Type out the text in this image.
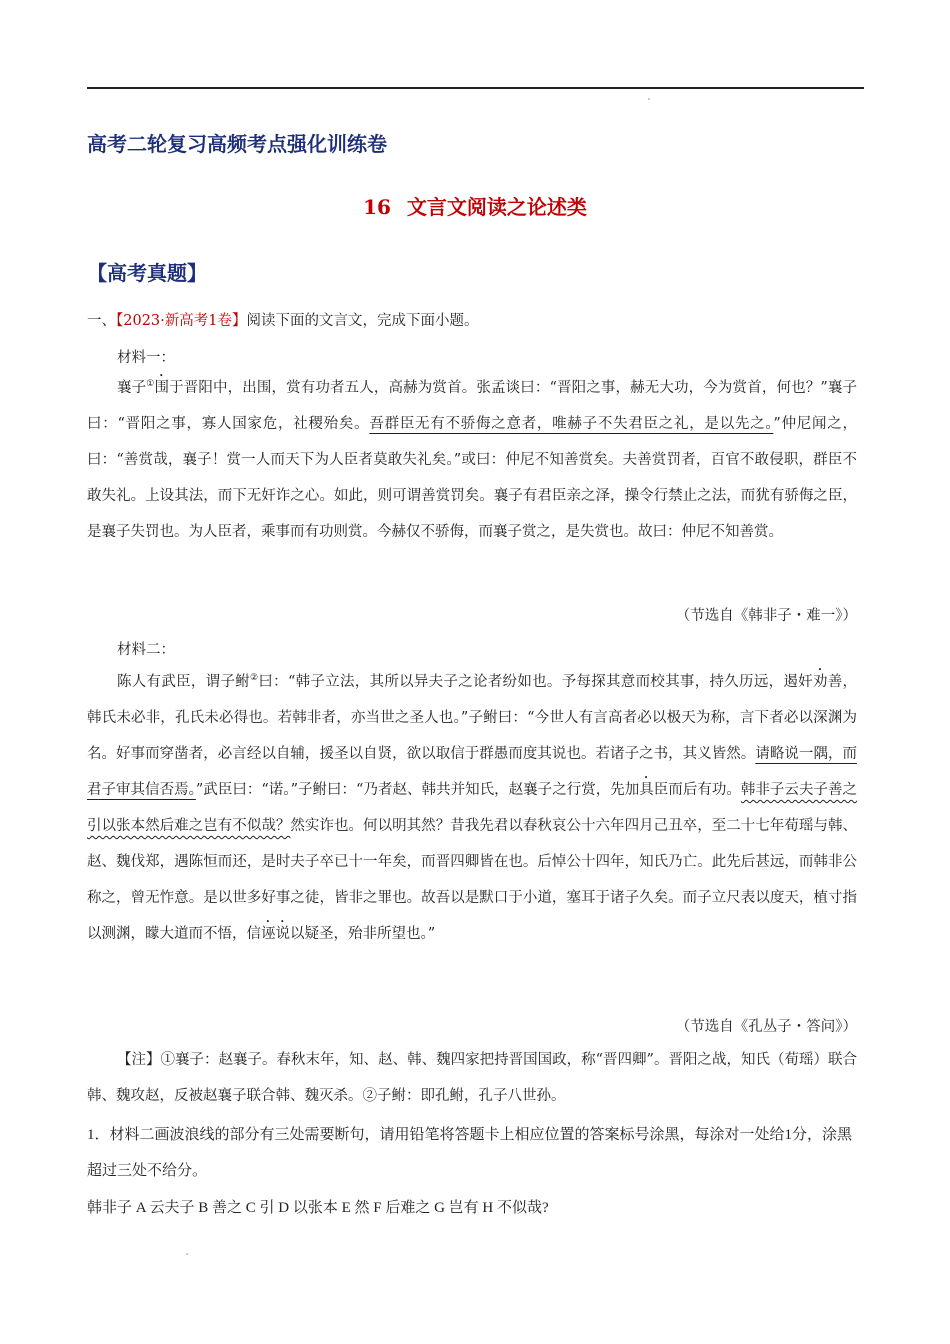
高考二轮复习高频考点强化训练卷
16 文言文阅读之论述类
【高考真题】
一、【2023·新高考1卷】阅读下面的文言文，完成下面小题。
材料一：
襄子①围于晋阳中，出围，赏有功者五人，高赫为赏首。张孟谈曰：“晋阳之事，赫无大功，今为赏首，何也？”襄子曰：“晋阳之事，寡人国家危，社稷殆矣。吾群臣无有不骄侮之意者，唯赫子不失君臣之礼，是以先之。”仲尼闻之，曰：“善赏哉，襄子！赏一人而天下为人臣者莫敢失礼矣。”或曰：仲尼不知善赏矣。夫善赏罚者，百官不敢侵职，群臣不敢失礼。上设其法，而下无奸诈之心。如此，则可谓善赏罚矣。襄子有君臣亲之泽，操令行禁止之法，而犹有骄侮之臣，是襄子失罚也。为人臣者，乘事而有功则赏。今赫仅不骄侮，而襄子赏之，是失赏也。故曰：仲尼不知善赏。
（节选自《韩非子・难一》）
材料二：
陈人有武臣，谓子鲋②曰：“韩子立法，其所以异夫子之论者纷如也。予每探其意而校其事，持久历远，遏奸劝善，韩氏未必非，孔氏未必得也。若韩非者，亦当世之圣人也。”子鲋曰：“今世人有言高者必以极天为称，言下者必以深渊为名。好事而穿凿者，必言经以自辅，援圣以自贤，欲以取信于群愚而度其说也。若诸子之书，其义皆然。请略说一隅，而君子审其信否焉。”武臣曰：“诺。”子鲋曰：“乃者赵、韩共并知氏，赵襄子之行赏，先加具臣而后有功。韩非子云夫子善之引以张本然后难之岂有不似哉？然实诈也。何以明其然？昔我先君以春秋哀公十六年四月己丑卒，至二十七年荀瑶与韩、赵、魏伐郑，遇陈恒而还，是时夫子卒已十一年矣，而晋四卿皆在也。后悼公十四年，知氏乃亡。此先后甚远，而韩非公称之，曾无怍意。是以世多好事之徒，皆非之罪也。故吾以是默口于小道，塞耳于诸子久矣。而子立尺表以度天，植寸指以测渊，矇大道而不悟，信诬说以疑圣，殆非所望也。”
（节选自《孔丛子・答问》）
【注】①襄子：赵襄子。春秋末年，知、赵、韩、魏四家把持晋国国政，称“晋四卿”。晋阳之战，知氏（荀瑶）联合韩、魏攻赵，反被赵襄子联合韩、魏灭杀。②子鲋：即孔鲋，孔子八世孙。
1．材料二画波浪线的部分有三处需要断句，请用铅笔将答题卡上相应位置的答案标号涂黑，每涂对一处给1分，涂黑超过三处不给分。
韩非子 A 云夫子 B 善之 C 引 D 以张本 E 然 F 后难之 G 岂有 H 不似哉?
